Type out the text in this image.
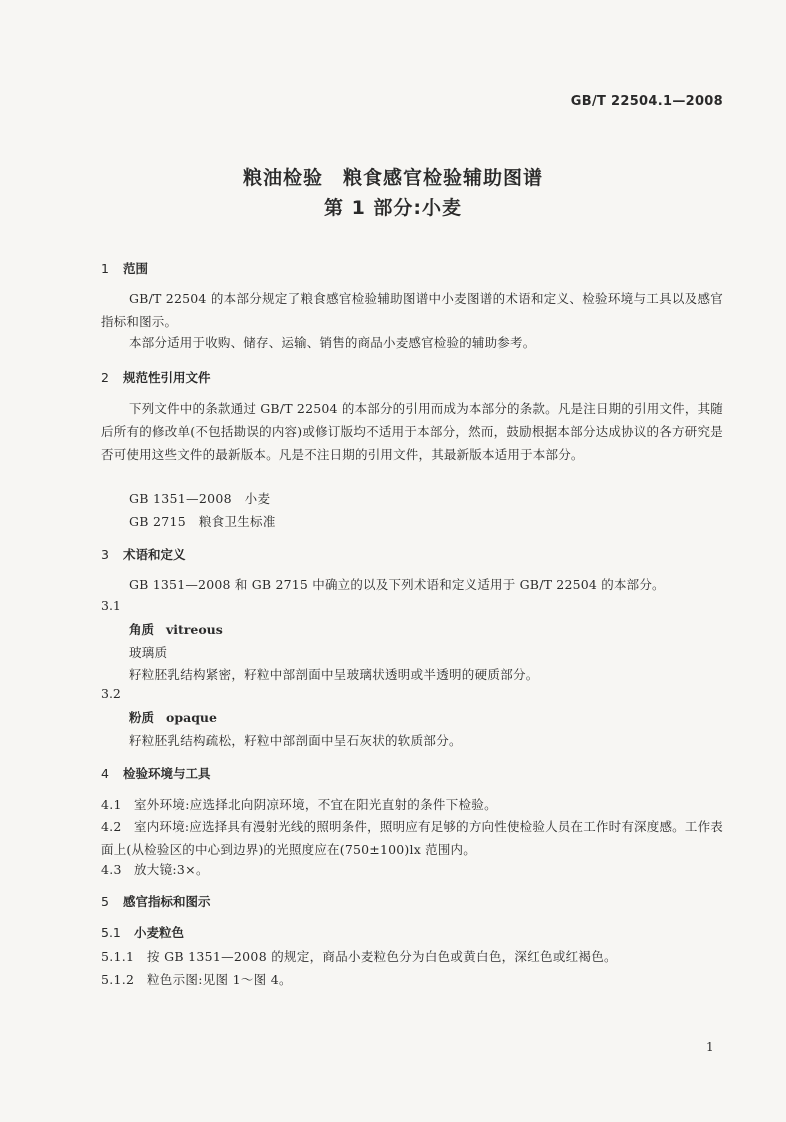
GB/T 22504.1—2008
粮油检验　粮食感官检验辅助图谱
第 1 部分:小麦
1 范围
GB/T 22504 的本部分规定了粮食感官检验辅助图谱中小麦图谱的术语和定义、检验环境与工具以及感官指标和图示。
本部分适用于收购、储存、运输、销售的商品小麦感官检验的辅助参考。
2 规范性引用文件
下列文件中的条款通过 GB/T 22504 的本部分的引用而成为本部分的条款。凡是注日期的引用文件，其随后所有的修改单(不包括勘误的内容)或修订版均不适用于本部分，然而，鼓励根据本部分达成协议的各方研究是否可使用这些文件的最新版本。凡是不注日期的引用文件，其最新版本适用于本部分。
GB 1351—2008　小麦
GB 2715　粮食卫生标准
3 术语和定义
GB 1351—2008 和 GB 2715 中确立的以及下列术语和定义适用于 GB/T 22504 的本部分。
3.1
角质 vitreous
玻璃质
籽粒胚乳结构紧密，籽粒中部剖面中呈玻璃状透明或半透明的硬质部分。
3.2
粉质 opaque
籽粒胚乳结构疏松，籽粒中部剖面中呈石灰状的软质部分。
4 检验环境与工具
4.1 室外环境:应选择北向阴凉环境，不宜在阳光直射的条件下检验。
4.2 室内环境:应选择具有漫射光线的照明条件，照明应有足够的方向性使检验人员在工作时有深度感。工作表面上(从检验区的中心到边界)的光照度应在(750±100)lx 范围内。
4.3 放大镜:3×。
5 感官指标和图示
5.1 小麦粒色
5.1.1 按 GB 1351—2008 的规定，商品小麦粒色分为白色或黄白色，深红色或红褐色。
5.1.2 粒色示图:见图 1～图 4。
1
